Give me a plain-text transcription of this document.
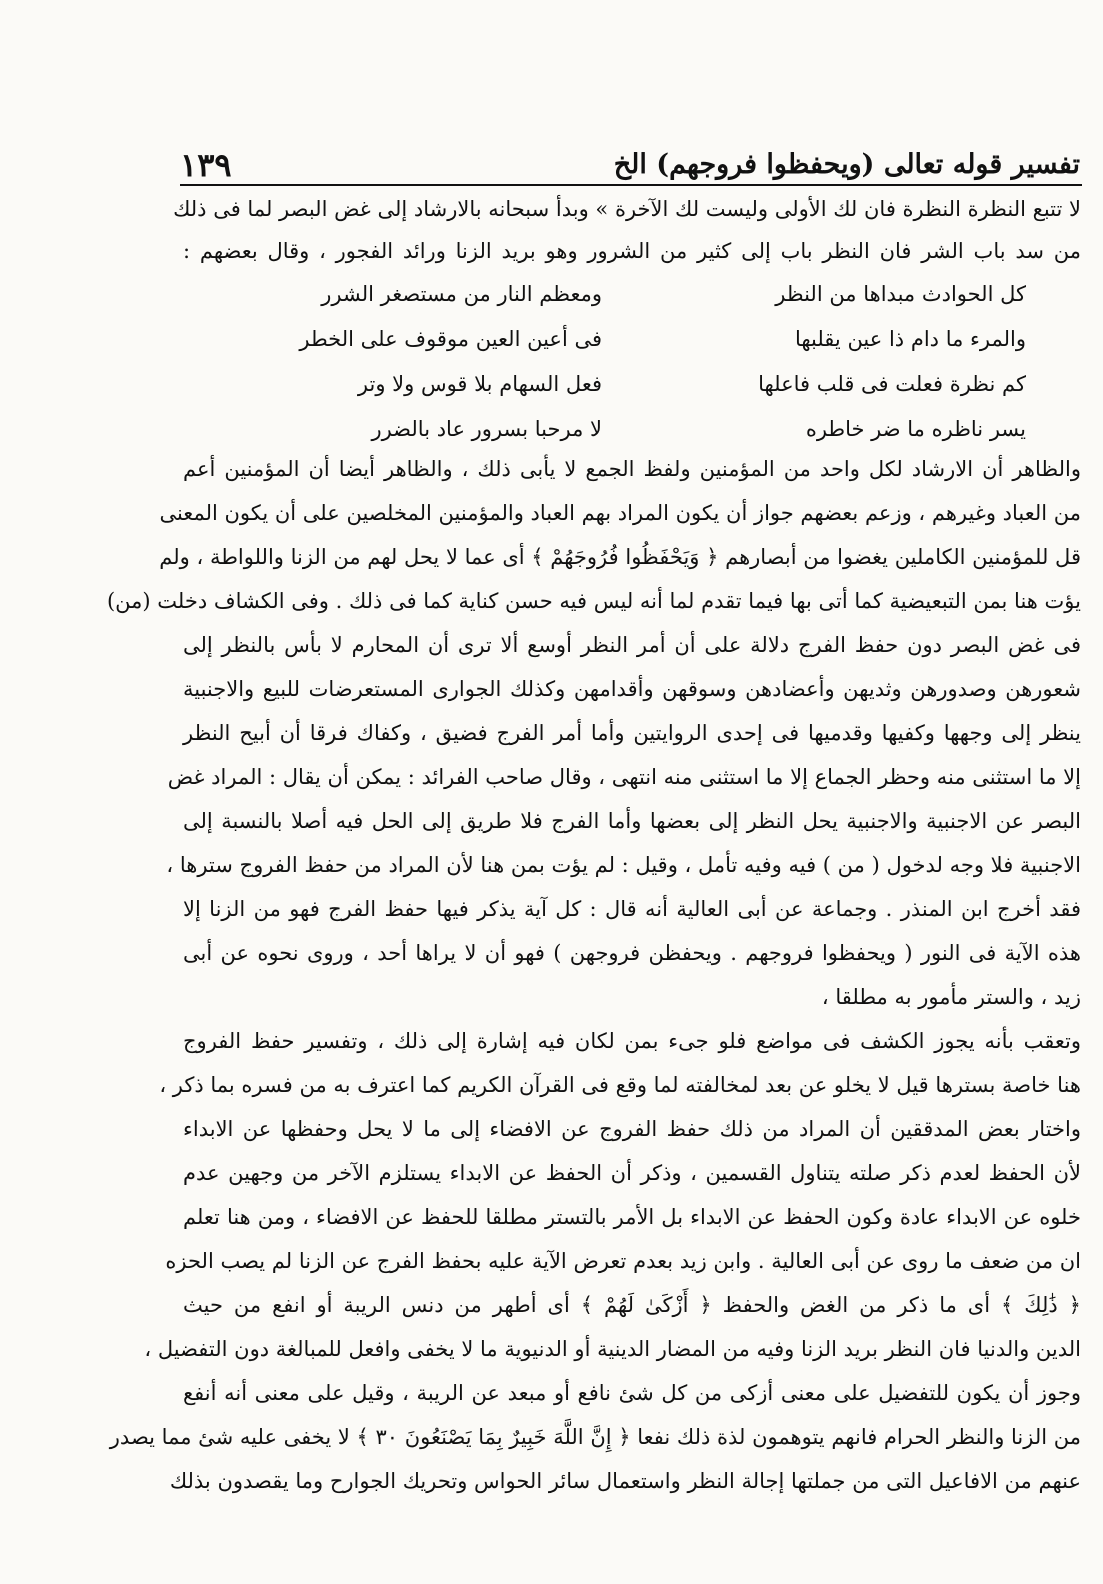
تفسير قوله تعالى (ويحفظوا فروجهم) الخ
١٣٩
لا تتبع النظرة النظرة فان لك الأولى وليست لك الآخرة » وبدأ سبحانه بالارشاد إلى غض البصر لما فى ذلك
من سد باب الشر فان النظر باب إلى كثير من الشرور وهو بريد الزنا ورائد الفجور ، وقال بعضهم :
كل الحوادث مبداها من النظر
ومعظم النار من مستصغر الشرر
والمرء ما دام ذا عين يقلبها
فى أعين العين موقوف على الخطر
كم نظرة فعلت فى قلب فاعلها
فعل السهام بلا قوس ولا وتر
يسر ناظره ما ضر خاطره
لا مرحبا بسرور عاد بالضرر
والظاهر أن الارشاد لكل واحد من المؤمنين ولفظ الجمع لا يأبى ذلك ، والظاهر أيضا أن المؤمنين أعم
من العباد وغيرهم ، وزعم بعضهم جواز أن يكون المراد بهم العباد والمؤمنين المخلصين على أن يكون المعنى
قل للمؤمنين الكاملين يغضوا من أبصارهم ﴿ وَيَحْفَظُوا فُرُوجَهُمْ ﴾ أى عما لا يحل لهم من الزنا واللواطة ، ولم
يؤت هنا بمن التبعيضية كما أتى بها فيما تقدم لما أنه ليس فيه حسن كناية كما فى ذلك . وفى الكشاف دخلت (من)
فى غض البصر دون حفظ الفرج دلالة على أن أمر النظر أوسع ألا ترى أن المحارم لا بأس بالنظر إلى
شعورهن وصدورهن وثديهن وأعضادهن وسوقهن وأقدامهن وكذلك الجوارى المستعرضات للبيع والاجنبية
ينظر إلى وجهها وكفيها وقدميها فى إحدى الروايتين وأما أمر الفرج فضيق ، وكفاك فرقا أن أبيح النظر
إلا ما استثنى منه وحظر الجماع إلا ما استثنى منه انتهى ، وقال صاحب الفرائد : يمكن أن يقال : المراد غض
البصر عن الاجنبية والاجنبية يحل النظر إلى بعضها وأما الفرج فلا طريق إلى الحل فيه أصلا بالنسبة إلى
الاجنبية فلا وجه لدخول ( من ) فيه وفيه تأمل ، وقيل : لم يؤت بمن هنا لأن المراد من حفظ الفروج سترها ،
فقد أخرج ابن المنذر . وجماعة عن أبى العالية أنه قال : كل آية يذكر فيها حفظ الفرج فهو من الزنا إلا
هذه الآية فى النور ( ويحفظوا فروجهم . ويحفظن فروجهن ) فهو أن لا يراها أحد ، وروى نحوه عن أبى
زيد ، والستر مأمور به مطلقا ،
وتعقب بأنه يجوز الكشف فى مواضع فلو جىء بمن لكان فيه إشارة إلى ذلك ، وتفسير حفظ الفروج
هنا خاصة بسترها قيل لا يخلو عن بعد لمخالفته لما وقع فى القرآن الكريم كما اعترف به من فسره بما ذكر ،
واختار بعض المدققين أن المراد من ذلك حفظ الفروج عن الافضاء إلى ما لا يحل وحفظها عن الابداء
لأن الحفظ لعدم ذكر صلته يتناول القسمين ، وذكر أن الحفظ عن الابداء يستلزم الآخر من وجهين عدم
خلوه عن الابداء عادة وكون الحفظ عن الابداء بل الأمر بالتستر مطلقا للحفظ عن الافضاء ، ومن هنا تعلم
ان من ضعف ما روى عن أبى العالية . وابن زيد بعدم تعرض الآية عليه بحفظ الفرج عن الزنا لم يصب الحزه
﴿ ذَٰلِكَ ﴾ أى ما ذكر من الغض والحفظ ﴿ أَزْكَىٰ لَهُمْ ﴾ أى أطهر من دنس الريبة أو انفع من حيث
الدين والدنيا فان النظر بريد الزنا وفيه من المضار الدينية أو الدنيوية ما لا يخفى وافعل للمبالغة دون التفضيل ،
وجوز أن يكون للتفضيل على معنى أزكى من كل شئ نافع أو مبعد عن الريبة ، وقيل على معنى أنه أنفع
من الزنا والنظر الحرام فانهم يتوهمون لذة ذلك نفعا ﴿ إِنَّ اللَّهَ خَبِيرٌ بِمَا يَصْنَعُونَ ٣٠ ﴾ لا يخفى عليه شئ مما يصدر
عنهم من الافاعيل التى من جملتها إجالة النظر واستعمال سائر الحواس وتحريك الجوارح وما يقصدون بذلك
